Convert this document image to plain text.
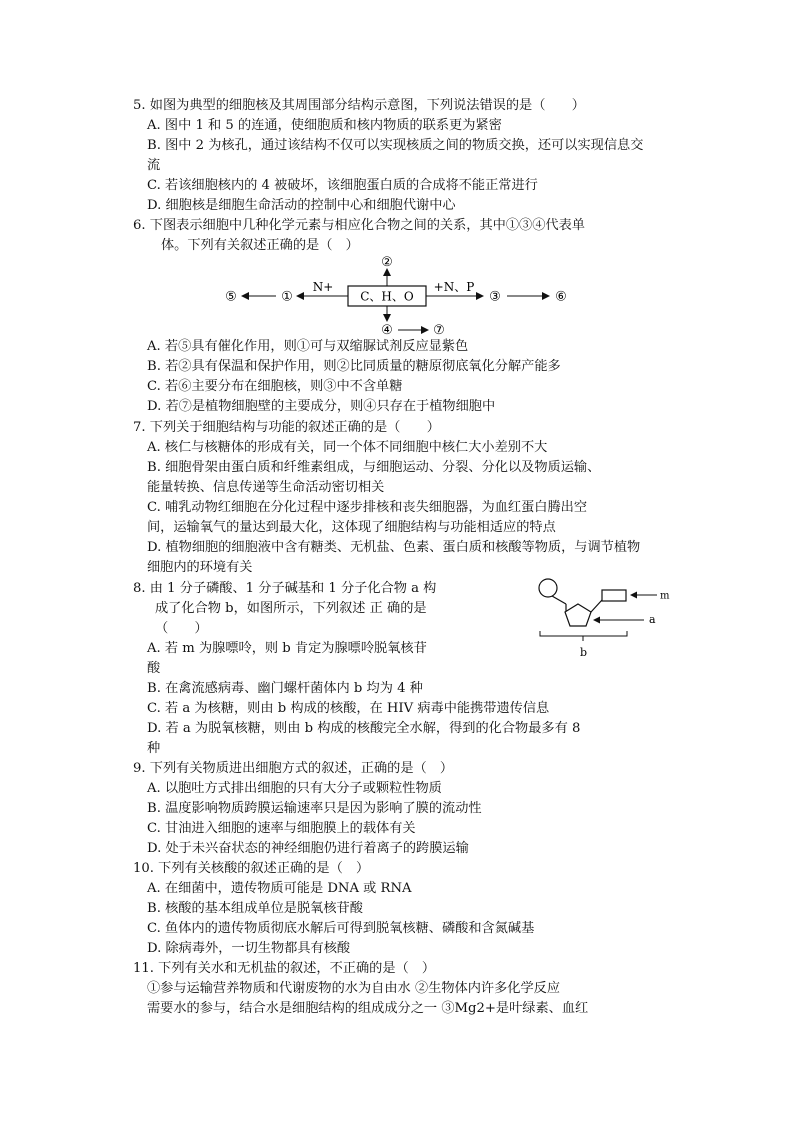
5. 如图为典型的细胞核及其周围部分结构示意图，下列说法错误的是（　　）
A. 图中 1 和 5 的连通，使细胞质和核内物质的联系更为紧密
B. 图中 2 为核孔，通过该结构不仅可以实现核质之间的物质交换，还可以实现信息交
流
C. 若该细胞核内的 4 被破坏，该细胞蛋白质的合成将不能正常进行
D. 细胞核是细胞生命活动的控制中心和细胞代谢中心
6. 下图表示细胞中几种化学元素与相应化合物之间的关系，其中①③④代表单
体。下列有关叙述正确的是（　）
C、H、O
②
④	⑦
N+
①
⑤
+N、P
③	⑥
A. 若⑤具有催化作用，则①可与双缩脲试剂反应显紫色
B. 若②具有保温和保护作用，则②比同质量的糖原彻底氧化分解产能多
C. 若⑥主要分布在细胞核，则③中不含单糖
D. 若⑦是植物细胞壁的主要成分，则④只存在于植物细胞中
7. 下列关于细胞结构与功能的叙述正确的是（　　）
A. 核仁与核糖体的形成有关，同一个体不同细胞中核仁大小差别不大
B. 细胞骨架由蛋白质和纤维素组成，与细胞运动、分裂、分化以及物质运输、
能量转换、信息传递等生命活动密切相关
C. 哺乳动物红细胞在分化过程中逐步排核和丧失细胞器，为血红蛋白腾出空
间，运输氧气的量达到最大化，这体现了细胞结构与功能相适应的特点
D. 植物细胞的细胞液中含有糖类、无机盐、色素、蛋白质和核酸等物质，与调节植物
细胞内的环境有关
8. 由 1 分子磷酸、1 分子碱基和 1 分子化合物 a 构
成了化合物 b，如图所示，下列叙述 正 确的是
（　　）
m
a
b
A. 若 m 为腺嘌呤，则 b 肯定为腺嘌呤脱氧核苷
酸
B. 在禽流感病毒、幽门螺杆菌体内 b 均为 4 种
C. 若 a 为核糖，则由 b 构成的核酸，在 HIV 病毒中能携带遗传信息
D. 若 a 为脱氧核糖，则由 b 构成的核酸完全水解，得到的化合物最多有 8
种
9. 下列有关物质进出细胞方式的叙述，正确的是（　）
A. 以胞吐方式排出细胞的只有大分子或颗粒性物质
B. 温度影响物质跨膜运输速率只是因为影响了膜的流动性
C. 甘油进入细胞的速率与细胞膜上的载体有关
D. 处于未兴奋状态的神经细胞仍进行着离子的跨膜运输
10. 下列有关核酸的叙述正确的是（　）
A. 在细菌中，遗传物质可能是 DNA 或 RNA
B. 核酸的基本组成单位是脱氧核苷酸
C. 鱼体内的遗传物质彻底水解后可得到脱氧核糖、磷酸和含氮碱基
D. 除病毒外，一切生物都具有核酸
11. 下列有关水和无机盐的叙述，不正确的是（　）
①参与运输营养物质和代谢废物的水为自由水 ②生物体内许多化学反应
需要水的参与，结合水是细胞结构的组成成分之一 ③Mg2+是叶绿素、血红
